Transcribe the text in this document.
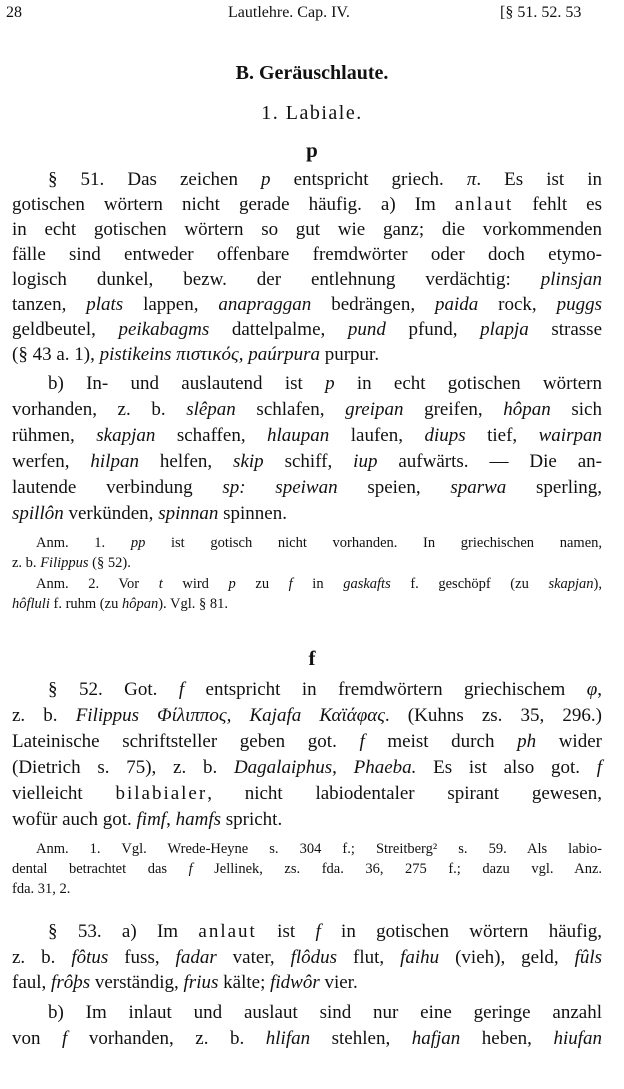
28	Lautlehre. Cap. IV.	[§ 51. 52. 53
B. Geräuschlaute.
1. Labiale.
p
f
§ 51. Das zeichen p entspricht griech. π. Es ist in
gotischen wörtern nicht gerade häufig. a) Im anlaut fehlt es
in echt gotischen wörtern so gut wie ganz; die vorkommenden
fälle sind entweder offenbare fremdwörter oder doch etymo-
logisch dunkel, bezw. der entlehnung verdächtig: plinsjan
tanzen, plats lappen, anapraggan bedrängen, paida rock, puggs
geldbeutel, peikabagms dattelpalme, pund pfund, plapja strasse
(§ 43 a. 1), pistikeins πιστικός, paúrpura purpur.
b) In- und auslautend ist p in echt gotischen wörtern
vorhanden, z. b. slêpan schlafen, greipan greifen, hôpan sich
rühmen, skapjan schaffen, hlaupan laufen, diups tief, wairpan
werfen, hilpan helfen, skip schiff, iup aufwärts. — Die an-
lautende verbindung sp: speiwan speien, sparwa sperling,
spillôn verkünden, spinnan spinnen.
Anm. 1. pp ist gotisch nicht vorhanden. In griechischen namen,
z. b. Filippus (§ 52).
Anm. 2. Vor t wird p zu f in gaskafts f. geschöpf (zu skapjan),
hôfluli f. ruhm (zu hôpan). Vgl. § 81.
§ 52. Got. f entspricht in fremdwörtern griechischem φ,
z. b. Filippus Φίλιππος, Kajafa Καϊάφας. (Kuhns zs. 35, 296.)
Lateinische schriftsteller geben got. f meist durch ph wider
(Dietrich s. 75), z. b. Dagalaiphus, Phaeba. Es ist also got. f
vielleicht bilabialer, nicht labiodentaler spirant gewesen,
wofür auch got. fimf, hamfs spricht.
Anm. 1. Vgl. Wrede-Heyne s. 304 f.; Streitberg² s. 59. Als labio-
dental betrachtet das f Jellinek, zs. fda. 36, 275 f.; dazu vgl. Anz.
fda. 31, 2.
§ 53. a) Im anlaut ist f in gotischen wörtern häufig,
z. b. fôtus fuss, fadar vater, flôdus flut, faihu (vieh), geld, fûls
faul, frôþs verständig, frius kälte; fidwôr vier.
b) Im inlaut und auslaut sind nur eine geringe anzahl
von f vorhanden, z. b. hlifan stehlen, hafjan heben, hiufan
